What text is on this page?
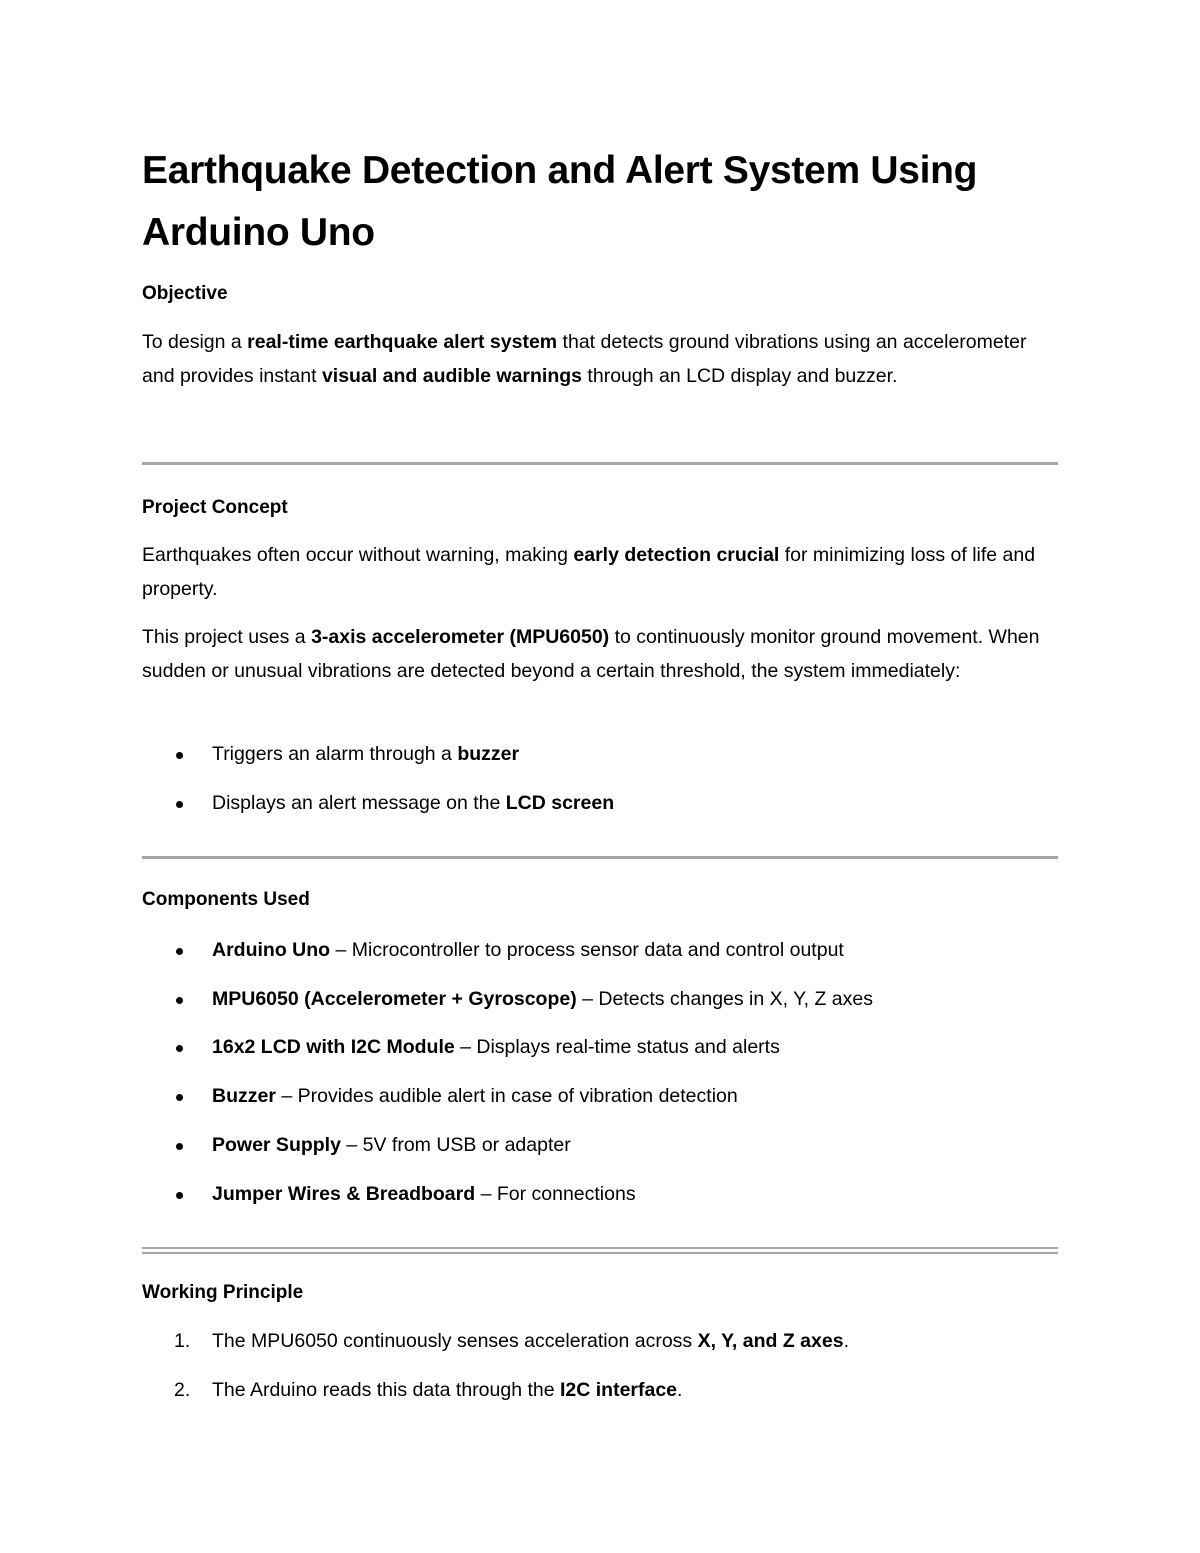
Earthquake Detection and Alert System Using Arduino Uno
Objective
To design a real-time earthquake alert system that detects ground vibrations using an accelerometer and provides instant visual and audible warnings through an LCD display and buzzer.
Project Concept
Earthquakes often occur without warning, making early detection crucial for minimizing loss of life and property.
This project uses a 3-axis accelerometer (MPU6050) to continuously monitor ground movement. When sudden or unusual vibrations are detected beyond a certain threshold, the system immediately:
Triggers an alarm through a buzzer
Displays an alert message on the LCD screen
Components Used
Arduino Uno – Microcontroller to process sensor data and control output
MPU6050 (Accelerometer + Gyroscope) – Detects changes in X, Y, Z axes
16x2 LCD with I2C Module – Displays real-time status and alerts
Buzzer – Provides audible alert in case of vibration detection
Power Supply – 5V from USB or adapter
Jumper Wires & Breadboard – For connections
Working Principle
1. The MPU6050 continuously senses acceleration across X, Y, and Z axes.
2. The Arduino reads this data through the I2C interface.
